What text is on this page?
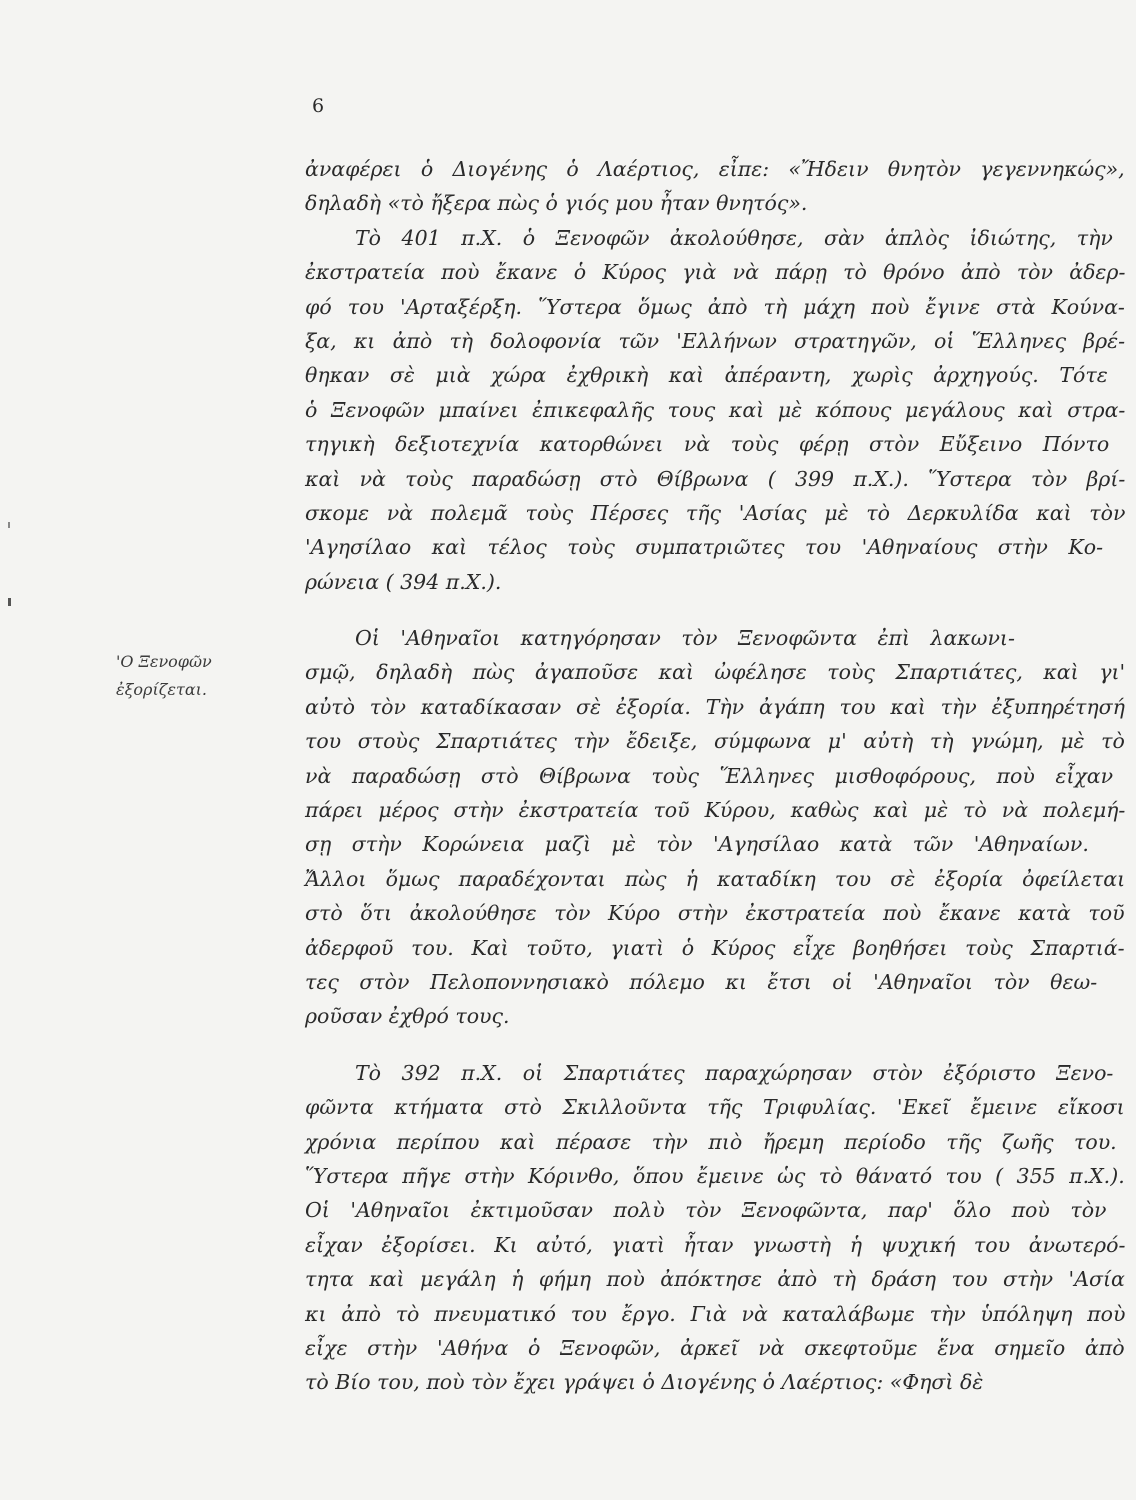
6
'Ο Ξενοφῶν
ἐξορίζεται.
ἀναφέρει ὁ Διογένης ὁ Λαέρτιος, εἶπε: «Ἤδειν θνητὸν γεγεννηκώς»,
δηλαδὴ «τὸ ἤξερα πὼς ὁ γιός μου ἦταν θνητός».
Τὸ 401 π.Χ. ὁ Ξενοφῶν ἀκολούθησε, σὰν ἁπλὸς ἰδιώτης, τὴν
ἐκστρατεία ποὺ ἔκανε ὁ Κύρος γιὰ νὰ πάρῃ τὸ θρόνο ἀπὸ τὸν ἀδερ-
φό του 'Αρταξέρξη. Ὕστερα ὅμως ἀπὸ τὴ μάχη ποὺ ἔγινε στὰ Κούνα-
ξα, κι ἀπὸ τὴ δολοφονία τῶν 'Ελλήνων στρατηγῶν, οἱ Ἕλληνες βρέ-
θηκαν σὲ μιὰ χώρα ἐχθρικὴ καὶ ἀπέραντη, χωρὶς ἀρχηγούς. Τότε
ὁ Ξενοφῶν μπαίνει ἐπικεφαλῆς τους καὶ μὲ κόπους μεγάλους καὶ στρα-
τηγικὴ δεξιοτεχνία κατορθώνει νὰ τοὺς φέρῃ στὸν Εὔξεινο Πόντο
καὶ νὰ τοὺς παραδώσῃ στὸ Θίβρωνα ( 399 π.Χ.). Ὕστερα τὸν βρί-
σκομε νὰ πολεμᾶ τοὺς Πέρσες τῆς 'Ασίας μὲ τὸ Δερκυλίδα καὶ τὸν
'Αγησίλαο καὶ τέλος τοὺς συμπατριῶτες του 'Αθηναίους στὴν Κο-
ρώνεια ( 394 π.Χ.).
Οἱ 'Αθηναῖοι κατηγόρησαν τὸν Ξενοφῶντα ἐπὶ λακωνι-
σμῷ, δηλαδὴ πὼς ἀγαποῦσε καὶ ὠφέλησε τοὺς Σπαρτιάτες, καὶ γι'
αὐτὸ τὸν καταδίκασαν σὲ ἐξορία. Τὴν ἀγάπη του καὶ τὴν ἐξυπηρέτησή
του στοὺς Σπαρτιάτες τὴν ἔδειξε, σύμφωνα μ' αὐτὴ τὴ γνώμη, μὲ τὸ
νὰ παραδώσῃ στὸ Θίβρωνα τοὺς Ἕλληνες μισθοφόρους, ποὺ εἶχαν
πάρει μέρος στὴν ἐκστρατεία τοῦ Κύρου, καθὼς καὶ μὲ τὸ νὰ πολεμή-
σῃ στὴν Κορώνεια μαζὶ μὲ τὸν 'Αγησίλαο κατὰ τῶν 'Αθηναίων.
Ἄλλοι ὅμως παραδέχονται πὼς ἡ καταδίκη του σὲ ἐξορία ὀφείλεται
στὸ ὅτι ἀκολούθησε τὸν Κύρο στὴν ἐκστρατεία ποὺ ἔκανε κατὰ τοῦ
ἀδερφοῦ του. Καὶ τοῦτο, γιατὶ ὁ Κύρος εἶχε βοηθήσει τοὺς Σπαρτιά-
τες στὸν Πελοποννησιακὸ πόλεμο κι ἔτσι οἱ 'Αθηναῖοι τὸν θεω-
ροῦσαν ἐχθρό τους.
Τὸ 392 π.Χ. οἱ Σπαρτιάτες παραχώρησαν στὸν ἐξόριστο Ξενο-
φῶντα κτήματα στὸ Σκιλλοῦντα τῆς Τριφυλίας. 'Εκεῖ ἔμεινε εἴκοσι
χρόνια περίπου καὶ πέρασε τὴν πιὸ ἤρεμη περίοδο τῆς ζωῆς του.
Ὕστερα πῆγε στὴν Κόρινθο, ὅπου ἔμεινε ὡς τὸ θάνατό του ( 355 π.Χ.).
Οἱ 'Αθηναῖοι ἐκτιμοῦσαν πολὺ τὸν Ξενοφῶντα, παρ' ὅλο ποὺ τὸν
εἶχαν ἐξορίσει. Κι αὐτό, γιατὶ ἦταν γνωστὴ ἡ ψυχική του ἀνωτερό-
τητα καὶ μεγάλη ἡ φήμη ποὺ ἀπόκτησε ἀπὸ τὴ δράση του στὴν 'Ασία
κι ἀπὸ τὸ πνευματικό του ἔργο. Γιὰ νὰ καταλάβωμε τὴν ὑπόληψη ποὺ
εἶχε στὴν 'Αθήνα ὁ Ξενοφῶν, ἀρκεῖ νὰ σκεφτοῦμε ἕνα σημεῖο ἀπὸ
τὸ Βίο του, ποὺ τὸν ἔχει γράψει ὁ Διογένης ὁ Λαέρτιος: «Φησὶ δὲ
